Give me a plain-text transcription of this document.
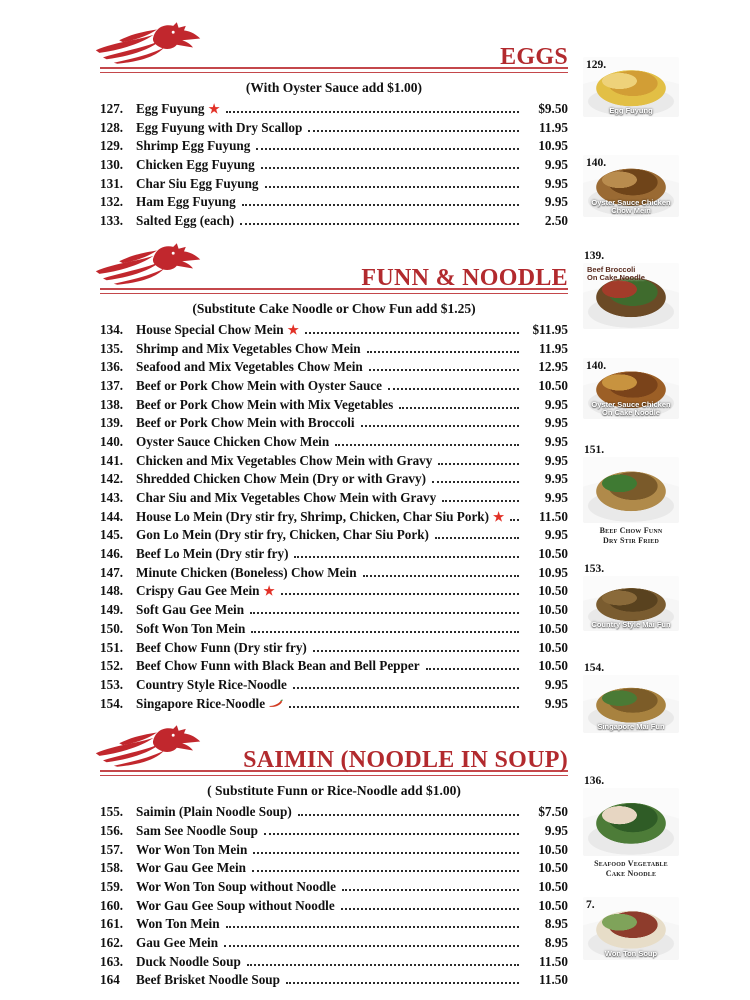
EGGS
(With Oyster Sauce add $1.00)
127. Egg Fuyung ★	$9.50
128. Egg Fuyung with Dry Scallop	11.95
129. Shrimp Egg Fuyung	10.95
130. Chicken Egg Fuyung	9.95
131. Char Siu Egg Fuyung	9.95
132. Ham Egg Fuyung	9.95
133. Salted Egg (each)	2.50
FUNN & NOODLE
(Substitute Cake Noodle or Chow Fun add $1.25)
134. House Special Chow Mein ★	$11.95
135. Shrimp and Mix Vegetables Chow Mein	11.95
136. Seafood and Mix Vegetables Chow Mein	12.95
137. Beef or Pork Chow Mein with Oyster Sauce	10.50
138. Beef or Pork Chow Mein with Mix Vegetables	9.95
139. Beef or Pork Chow Mein with Broccoli	9.95
140. Oyster Sauce Chicken Chow Mein	9.95
141. Chicken and Mix Vegetables Chow Mein with Gravy	9.95
142. Shredded Chicken Chow Mein (Dry or with Gravy)	9.95
143. Char Siu and Mix Vegetables Chow Mein with Gravy	9.95
144. House Lo Mein (Dry stir fry, Shrimp, Chicken, Char Siu Pork) ★	11.50
145. Gon Lo Mein (Dry stir fry, Chicken, Char Siu Pork)	9.95
146. Beef Lo Mein (Dry stir fry)	10.50
147. Minute Chicken (Boneless) Chow Mein	10.95
148. Crispy Gau Gee Mein ★	10.50
149. Soft Gau Gee Mein	10.50
150. Soft Won Ton Mein	10.50
151. Beef Chow Funn (Dry stir fry)	10.50
152. Beef Chow Funn with Black Bean and Bell Pepper	10.50
153. Country Style Rice-Noodle	9.95
154. Singapore Rice-Noodle	9.95
SAIMIN (NOODLE IN SOUP)
( Substitute Funn or Rice-Noodle add $1.00)
155. Saimin (Plain Noodle Soup)	$7.50
156. Sam See Noodle Soup	9.95
157. Wor Won Ton Mein	10.50
158. Wor Gau Gee Mein	10.50
159. Wor Won Ton Soup without Noodle	10.50
160. Wor Gau Gee Soup without Noodle	10.50
161. Won Ton Mein	8.95
162. Gau Gee Mein	8.95
163. Duck Noodle Soup	11.50
164	Beef Brisket Noodle Soup	11.50
129.
Egg Fuyung
140.
Oyster Sauce Chicken
Chow Mein
139.
Beef Broccoli
On Cake Noodle
140.
Oyster Sauce Chicken
On Cake Noodle
151.
Beef Chow Funn
Dry Stir Fried
153.
Country Style Mai Fun
154.
Singapore Mai Fun
136.
Seafood Vegetable
Cake Noodle
7.
Won Ton Soup
